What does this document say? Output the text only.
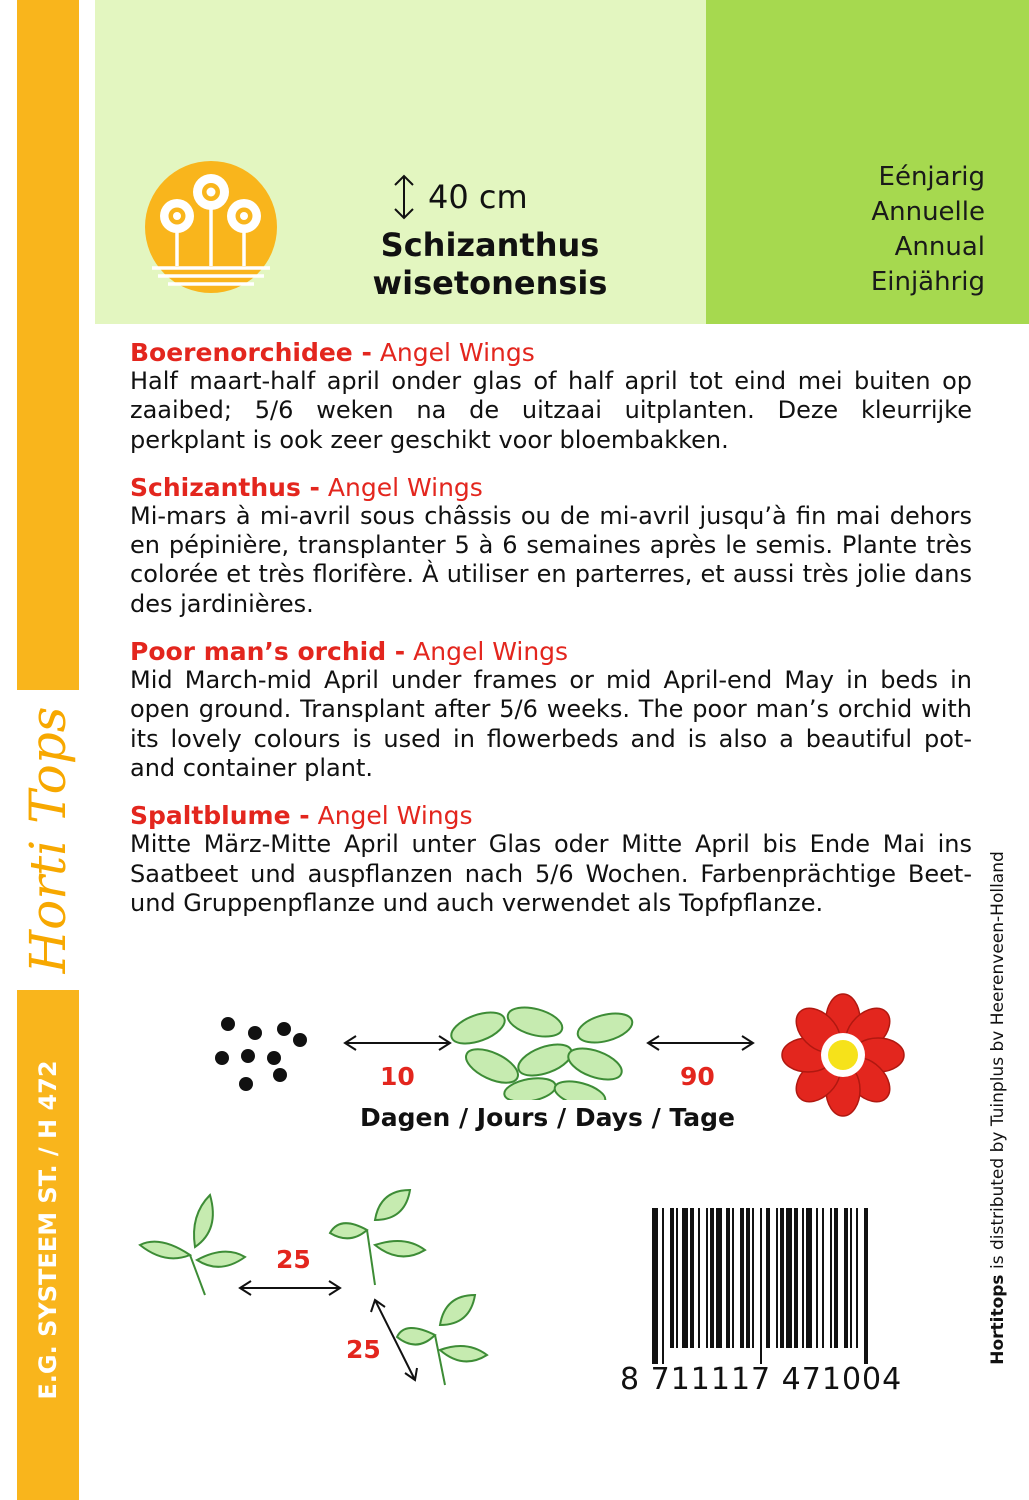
Horti Tops
E.G. SYSTEEM ST. / H 472
40 cm
Schizanthus
wisetonensis
Eénjarig
Annuelle
Annual
Einjährig
Boerenorchidee - Angel Wings
Half maart-half april onder glas of half april tot eind mei buiten op zaaibed; 5/6 weken na de uitzaai uitplanten. Deze kleurrijke perkplant is ook zeer geschikt voor bloembakken.
Schizanthus - Angel Wings
Mi-mars à mi-avril sous châssis ou de mi-avril jusqu’à fin mai dehors en pépinière, transplanter 5 à 6 semaines après le semis. Plante très colorée et très florifère. À utiliser en parterres, et aussi très jolie dans des jardinières.
Poor man’s orchid - Angel Wings
Mid March-mid April under frames or mid April-end May in beds in open ground. Transplant after 5/6 weeks. The poor man’s orchid with its lovely colours is used in flowerbeds and is also a beautiful pot- and container plant.
Spaltblume - Angel Wings
Mitte März-Mitte April unter Glas oder Mitte April bis Ende Mai ins Saatbeet und auspflanzen nach 5/6 Wochen. Farbenprächtige Beet- und Gruppenpflanze und auch verwendet als Topfpflanze.
10	90
Dagen / Jours / Days / Tage
25
25
8 711117 471004
Hortitops is distributed by Tuinplus bv Heerenveen-Holland
